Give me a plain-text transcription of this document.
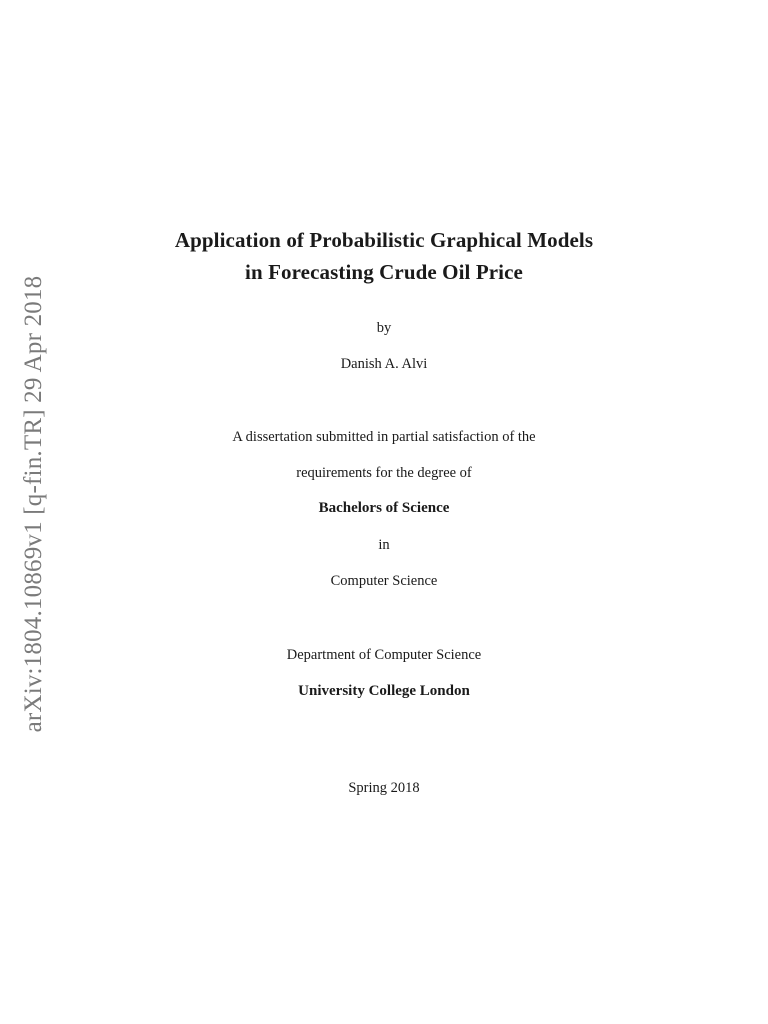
arXiv:1804.10869v1 [q-fin.TR] 29 Apr 2018
Application of Probabilistic Graphical Models
in Forecasting Crude Oil Price
by
Danish A. Alvi
A dissertation submitted in partial satisfaction of the
requirements for the degree of
Bachelors of Science
in
Computer Science
Department of Computer Science
University College London
Spring 2018
